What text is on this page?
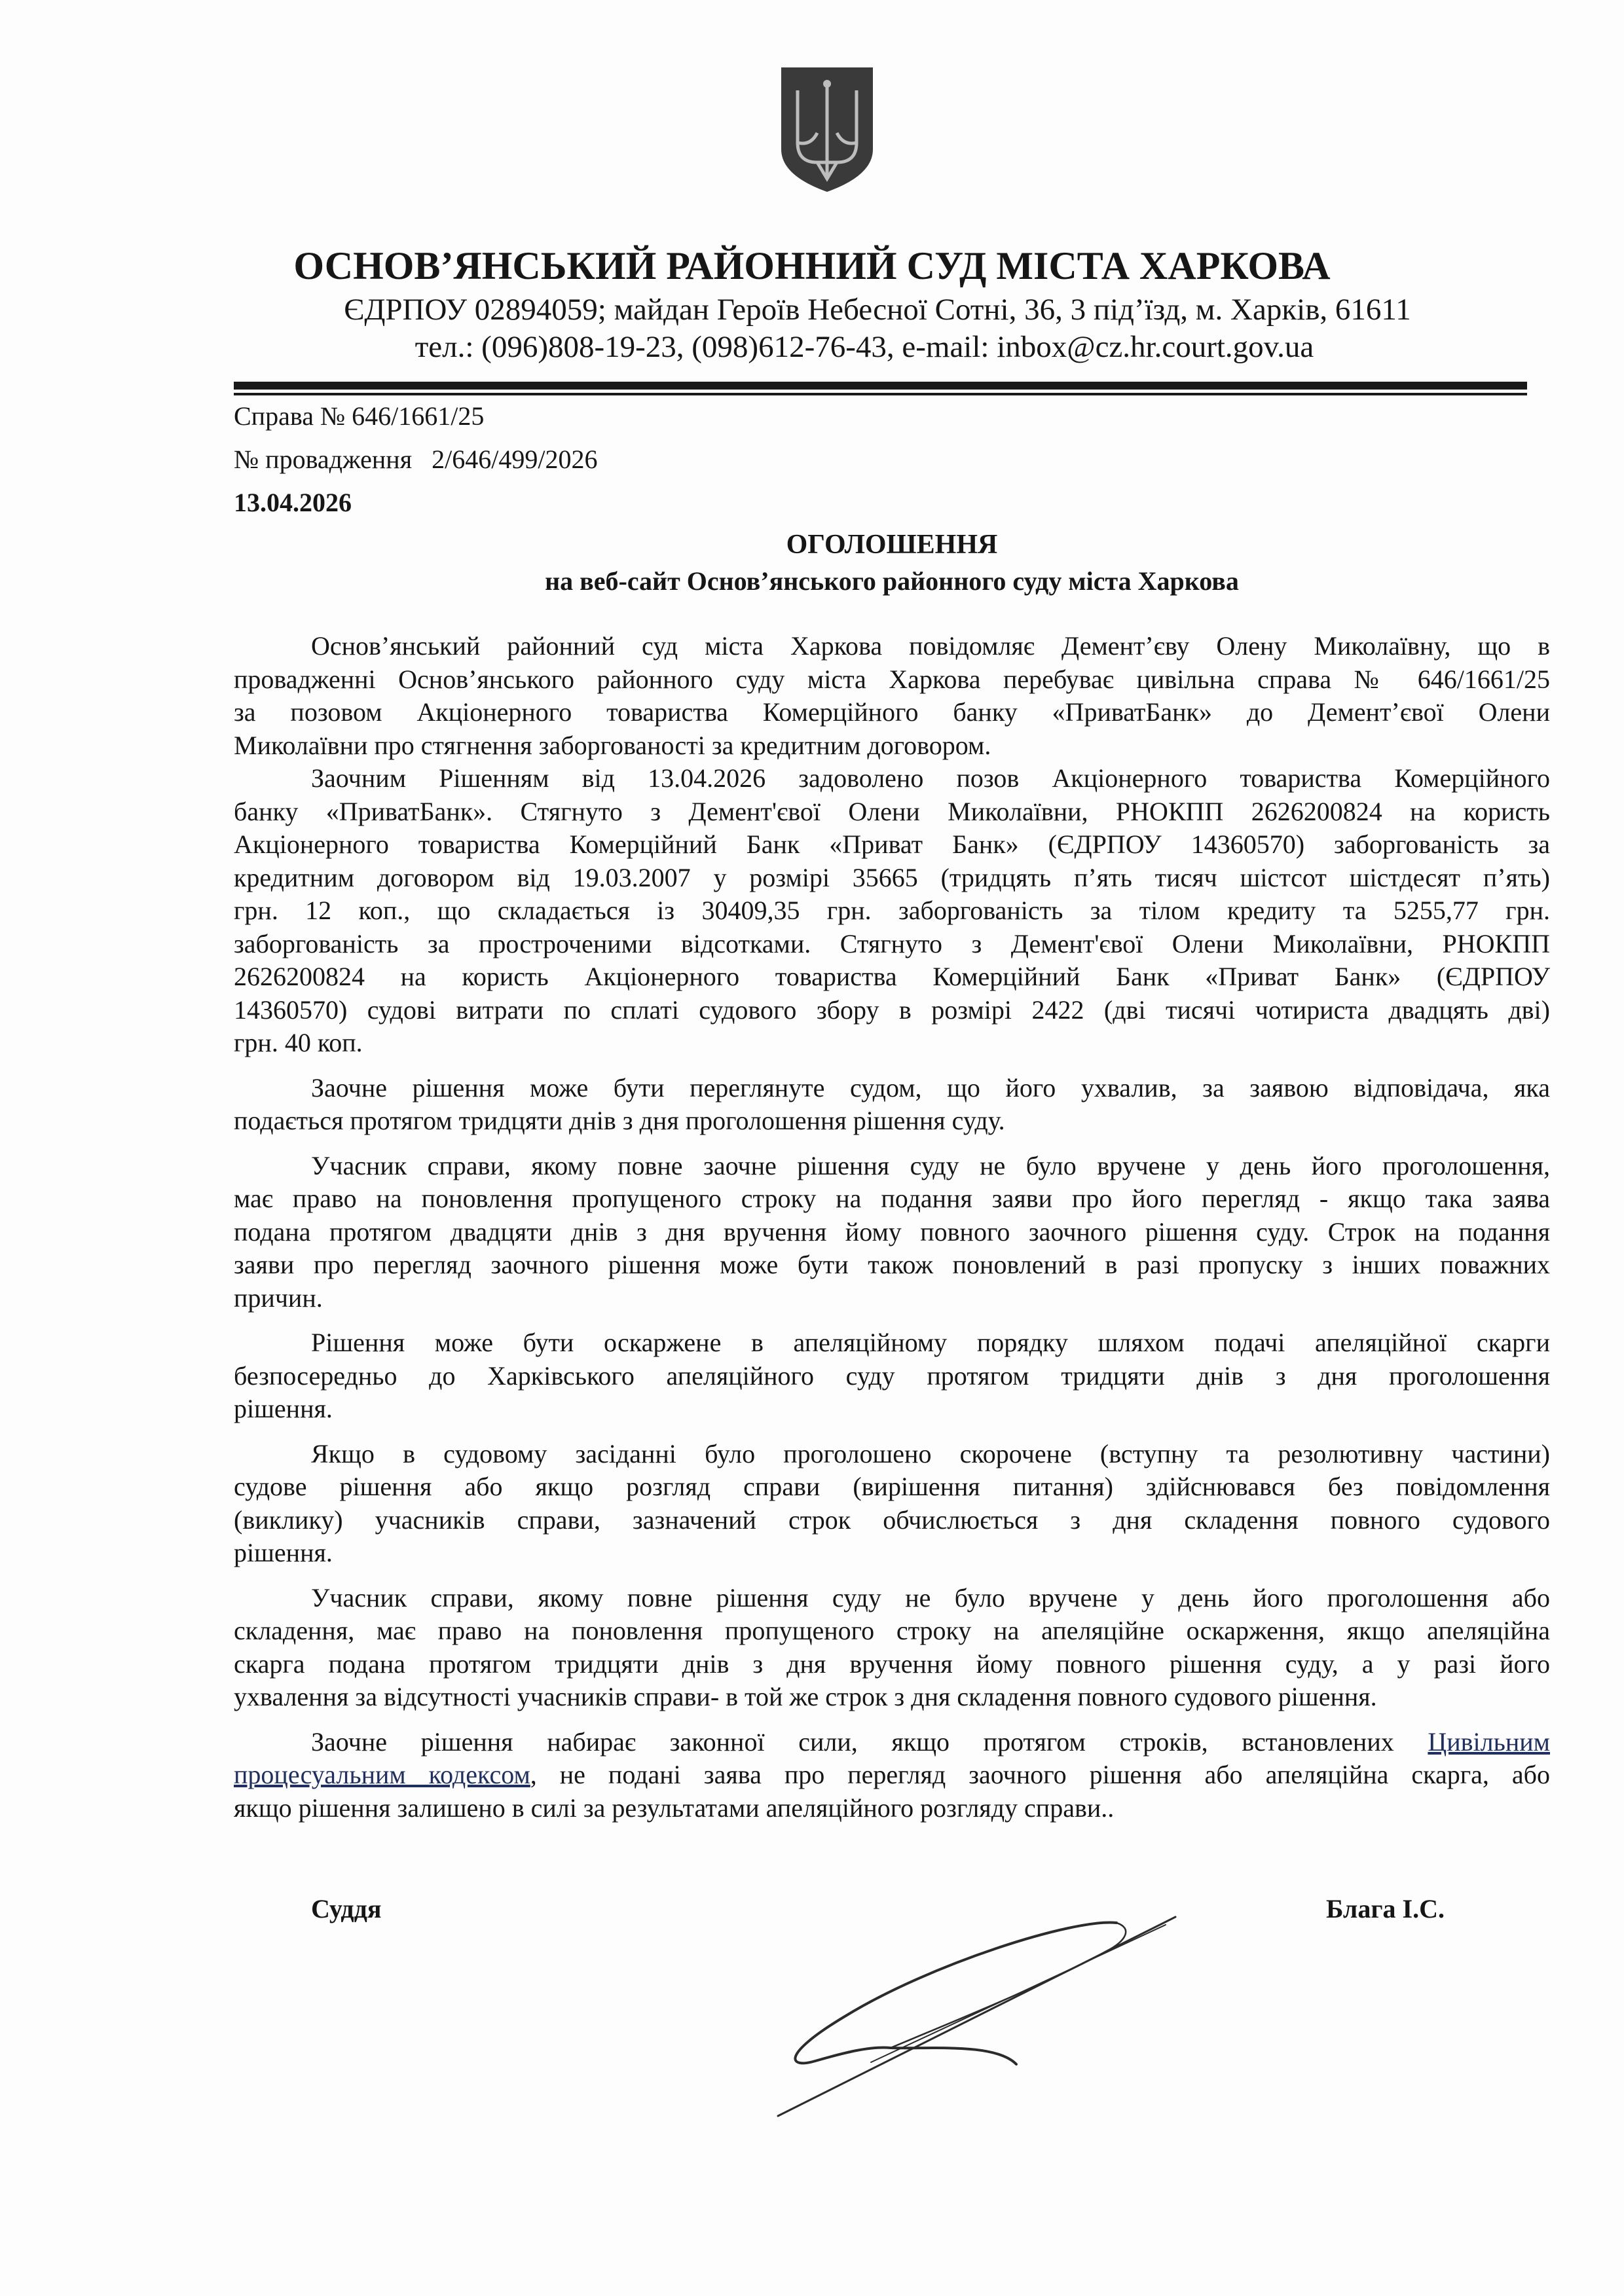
ОСНОВ’ЯНСЬКИЙ РАЙОННИЙ СУД МІСТА ХАРКОВА
ЄДРПОУ 02894059; майдан Героїв Небесної Сотні, 36, 3 під’їзд, м. Харків, 61611
тел.: (096)808-19-23, (098)612-76-43, e-mail: inbox@cz.hr.court.gov.ua
Справа № 646/1661/25
№ провадження   2/646/499/2026
13.04.2026
ОГОЛОШЕННЯ
на веб-сайт Основ’янського районного суду міста Харкова
Основ’янський районний суд міста Харкова повідомляє Дементʼєву Олену Миколаївну, що в
провадженні Основ’янського районного суду міста Харкова перебуває цивільна справа № 646/1661/25
за позовом Акціонерного товариства Комерційного банку «ПриватБанк» до Дементʼєвої Олени
Миколаївни про стягнення заборгованості за кредитним договором.
Заочним Рішенням від 13.04.2026 задоволено позов Акціонерного товариства Комерційного
банку «ПриватБанк». Стягнуто з Демент'євої Олени Миколаївни, РНОКПП 2626200824 на користь
Акціонерного товариства Комерційний Банк «Приват Банк» (ЄДРПОУ 14360570) заборгованість за
кредитним договором від 19.03.2007 у розмірі 35665 (тридцять п’ять тисяч шістсот шістдесят п’ять)
грн. 12 коп., що складається із 30409,35 грн. заборгованість за тілом кредиту та 5255,77 грн.
заборгованість за простроченими відсотками. Стягнуто з Демент'євої Олени Миколаївни, РНОКПП
2626200824 на користь Акціонерного товариства Комерційний Банк «Приват Банк» (ЄДРПОУ
14360570) судові витрати по сплаті судового збору в розмірі 2422 (дві тисячі чотириста двадцять дві)
грн. 40 коп.
Заочне рішення може бути переглянуте судом, що його ухвалив, за заявою відповідача, яка
подається протягом тридцяти днів з дня проголошення рішення суду.
Учасник справи, якому повне заочне рішення суду не було вручене у день його проголошення,
має право на поновлення пропущеного строку на подання заяви про його перегляд - якщо така заява
подана протягом двадцяти днів з дня вручення йому повного заочного рішення суду. Строк на подання
заяви про перегляд заочного рішення може бути також поновлений в разі пропуску з інших поважних
причин.
Рішення може бути оскаржене в апеляційному порядку шляхом подачі апеляційної скарги
безпосередньо до Харківського апеляційного суду протягом тридцяти днів з дня проголошення
рішення.
Якщо в судовому засіданні було проголошено скорочене (вступну та резолютивну частини)
судове рішення або якщо розгляд справи (вирішення питання) здійснювався без повідомлення
(виклику) учасників справи, зазначений строк обчислюється з дня складення повного судового
рішення.
Учасник справи, якому повне рішення суду не було вручене у день його проголошення або
складення, має право на поновлення пропущеного строку на апеляційне оскарження, якщо апеляційна
скарга подана протягом тридцяти днів з дня вручення йому повного рішення суду, а у разі його
ухвалення за відсутності учасників справи- в той же строк з дня складення повного судового рішення.
Заочне рішення набирає законної сили, якщо протягом строків, встановлених Цивільним
процесуальним кодексом, не подані заява про перегляд заочного рішення або апеляційна скарга, або
якщо рішення залишено в силі за результатами апеляційного розгляду справи..
Суддя	Блага І.С.
